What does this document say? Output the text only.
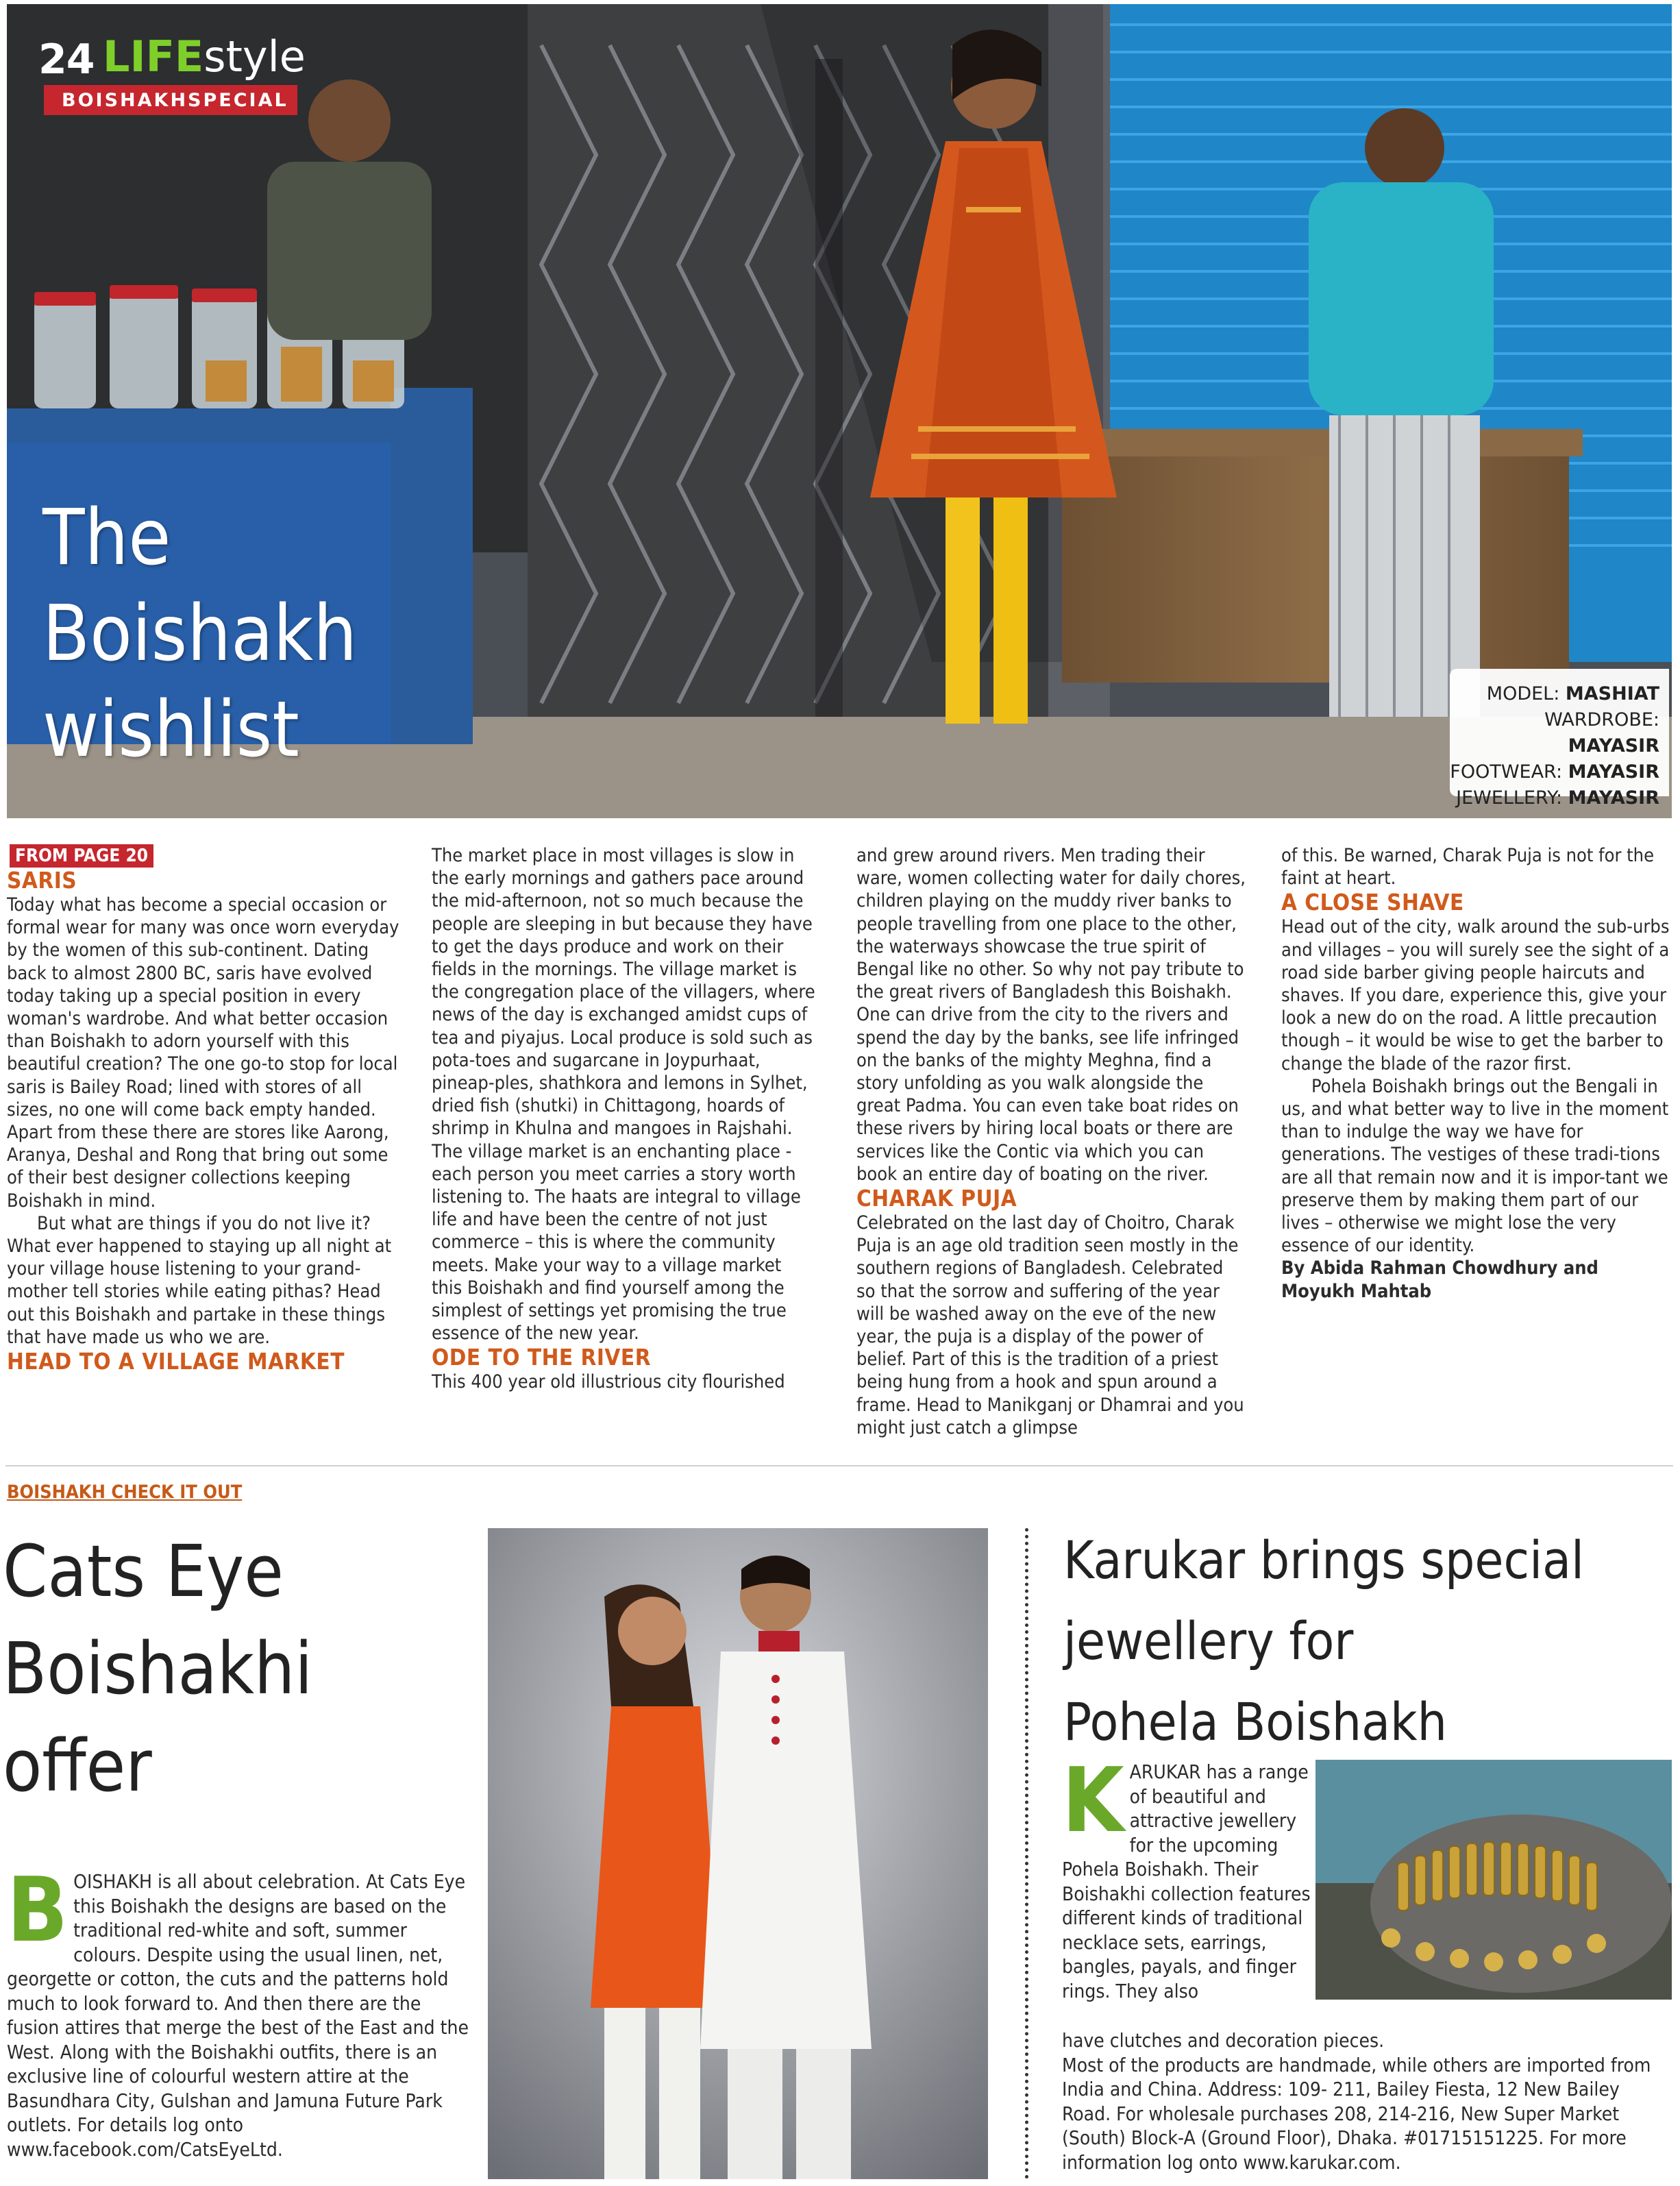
24 LIFEstyle
BOISHAKH SPECIAL
The
Boishakh
wishlist	MODEL: MASHIAT
WARDROBE: MAYASIR
FOOTWEAR: MAYASIR
JEWELLERY: MAYASIR
FROM PAGE 20
SARIS

Today what has become a special occasion or formal wear for many was once worn everyday by the women of this sub-continent. Dating back to almost 2800 BC, saris have evolved today taking up a special position in every woman's wardrobe. And what better occasion than Boishakh to adorn yourself with this beautiful creation? The one go-to stop for local saris is Bailey Road; lined with stores of all sizes, no one will come back empty handed. Apart from these there are stores like Aarong, Aranya, Deshal and Rong that bring out some of their best designer collections keeping Boishakh in mind.

But what are things if you do not live it? What ever happened to staying up all night at your village house listening to your grand-mother tell stories while eating pithas? Head out this Boishakh and partake in these things that have made us who we are.

HEAD TO A VILLAGE MARKET

The market place in most villages is slow in the early mornings and gathers pace around the mid-afternoon, not so much because the people are sleeping in but because they have to get the days produce and work on their fields in the mornings. The village market is the congregation place of the villagers, where news of the day is exchanged amidst cups of tea and piyajus. Local produce is sold such as pota-toes and sugarcane in Joypurhaat, pineap-ples, shathkora and lemons in Sylhet, dried fish (shutki) in Chittagong, hoards of shrimp in Khulna and mangoes in Rajshahi. The village market is an enchanting place - each person you meet carries a story worth listening to. The haats are integral to village life and have been the centre of not just commerce – this is where the community meets. Make your way to a village market this Boishakh and find yourself among the simplest of settings yet promising the true essence of the new year.

ODE TO THE RIVER

This 400 year old illustrious city flourished

and grew around rivers. Men trading their ware, women collecting water for daily chores, children playing on the muddy river banks to people travelling from one place to the other, the waterways showcase the true spirit of Bengal like no other. So why not pay tribute to the great rivers of Bangladesh this Boishakh. One can drive from the city to the rivers and spend the day by the banks, see life infringed on the banks of the mighty Meghna, find a story unfolding as you walk alongside the great Padma. You can even take boat rides on these rivers by hiring local boats or there are services like the Contic via which you can book an entire day of boating on the river.

CHARAK PUJA

Celebrated on the last day of Choitro, Charak Puja is an age old tradition seen mostly in the southern regions of Bangladesh. Celebrated so that the sorrow and suffering of the year will be washed away on the eve of the new year, the puja is a display of the power of belief. Part of this is the tradition of a priest being hung from a hook and spun around a frame. Head to Manikganj or Dhamrai and you might just catch a glimpse

of this. Be warned, Charak Puja is not for the faint at heart.

A CLOSE SHAVE

Head out of the city, walk around the sub-urbs and villages – you will surely see the sight of a road side barber giving people haircuts and shaves. If you dare, experience this, give your look a new do on the road. A little precaution though – it would be wise to get the barber to change the blade of the razor first.

Pohela Boishakh brings out the Bengali in us, and what better way to live in the moment than to indulge the way we have for generations. The vestiges of these tradi-tions are all that remain now and it is impor-tant we preserve them by making them part of our lives – otherwise we might lose the very essence of our identity.

By Abida Rahman Chowdhury and Moyukh Mahtab

BOISHAKH CHECK IT OUT
Cats Eye
Boishakhi
offer
BOISHAKH is all about celebration. At Cats Eye this Boishakh the designs are based on the traditional red-white and soft, summer colours. Despite using the usual linen, net, georgette or cotton, the cuts and the patterns hold much to look forward to. And then there are the fusion attires that merge the best of the East and the West. Along with the Boishakhi outfits, there is an exclusive line of colourful western attire at the Basundhara City, Gulshan and Jamuna Future Park outlets. For details log onto www.facebook.com/CatsEyeLtd.
Karukar brings special
jewellery for
Pohela Boishakh
KARUKAR has a range of beautiful and attractive jewellery for the upcoming Pohela Boishakh. Their Boishakhi collection features different kinds of traditional necklace sets, earrings, bangles, payals, and finger rings. They also
have clutches and decoration pieces.
Most of the products are handmade, while others are imported from India and China. Address: 109- 211, Bailey Fiesta, 12 New Bailey Road. For wholesale purchases 208, 214-216, New Super Market (South) Block-A (Ground Floor), Dhaka. #01715151225. For more information log onto www.karukar.com.
